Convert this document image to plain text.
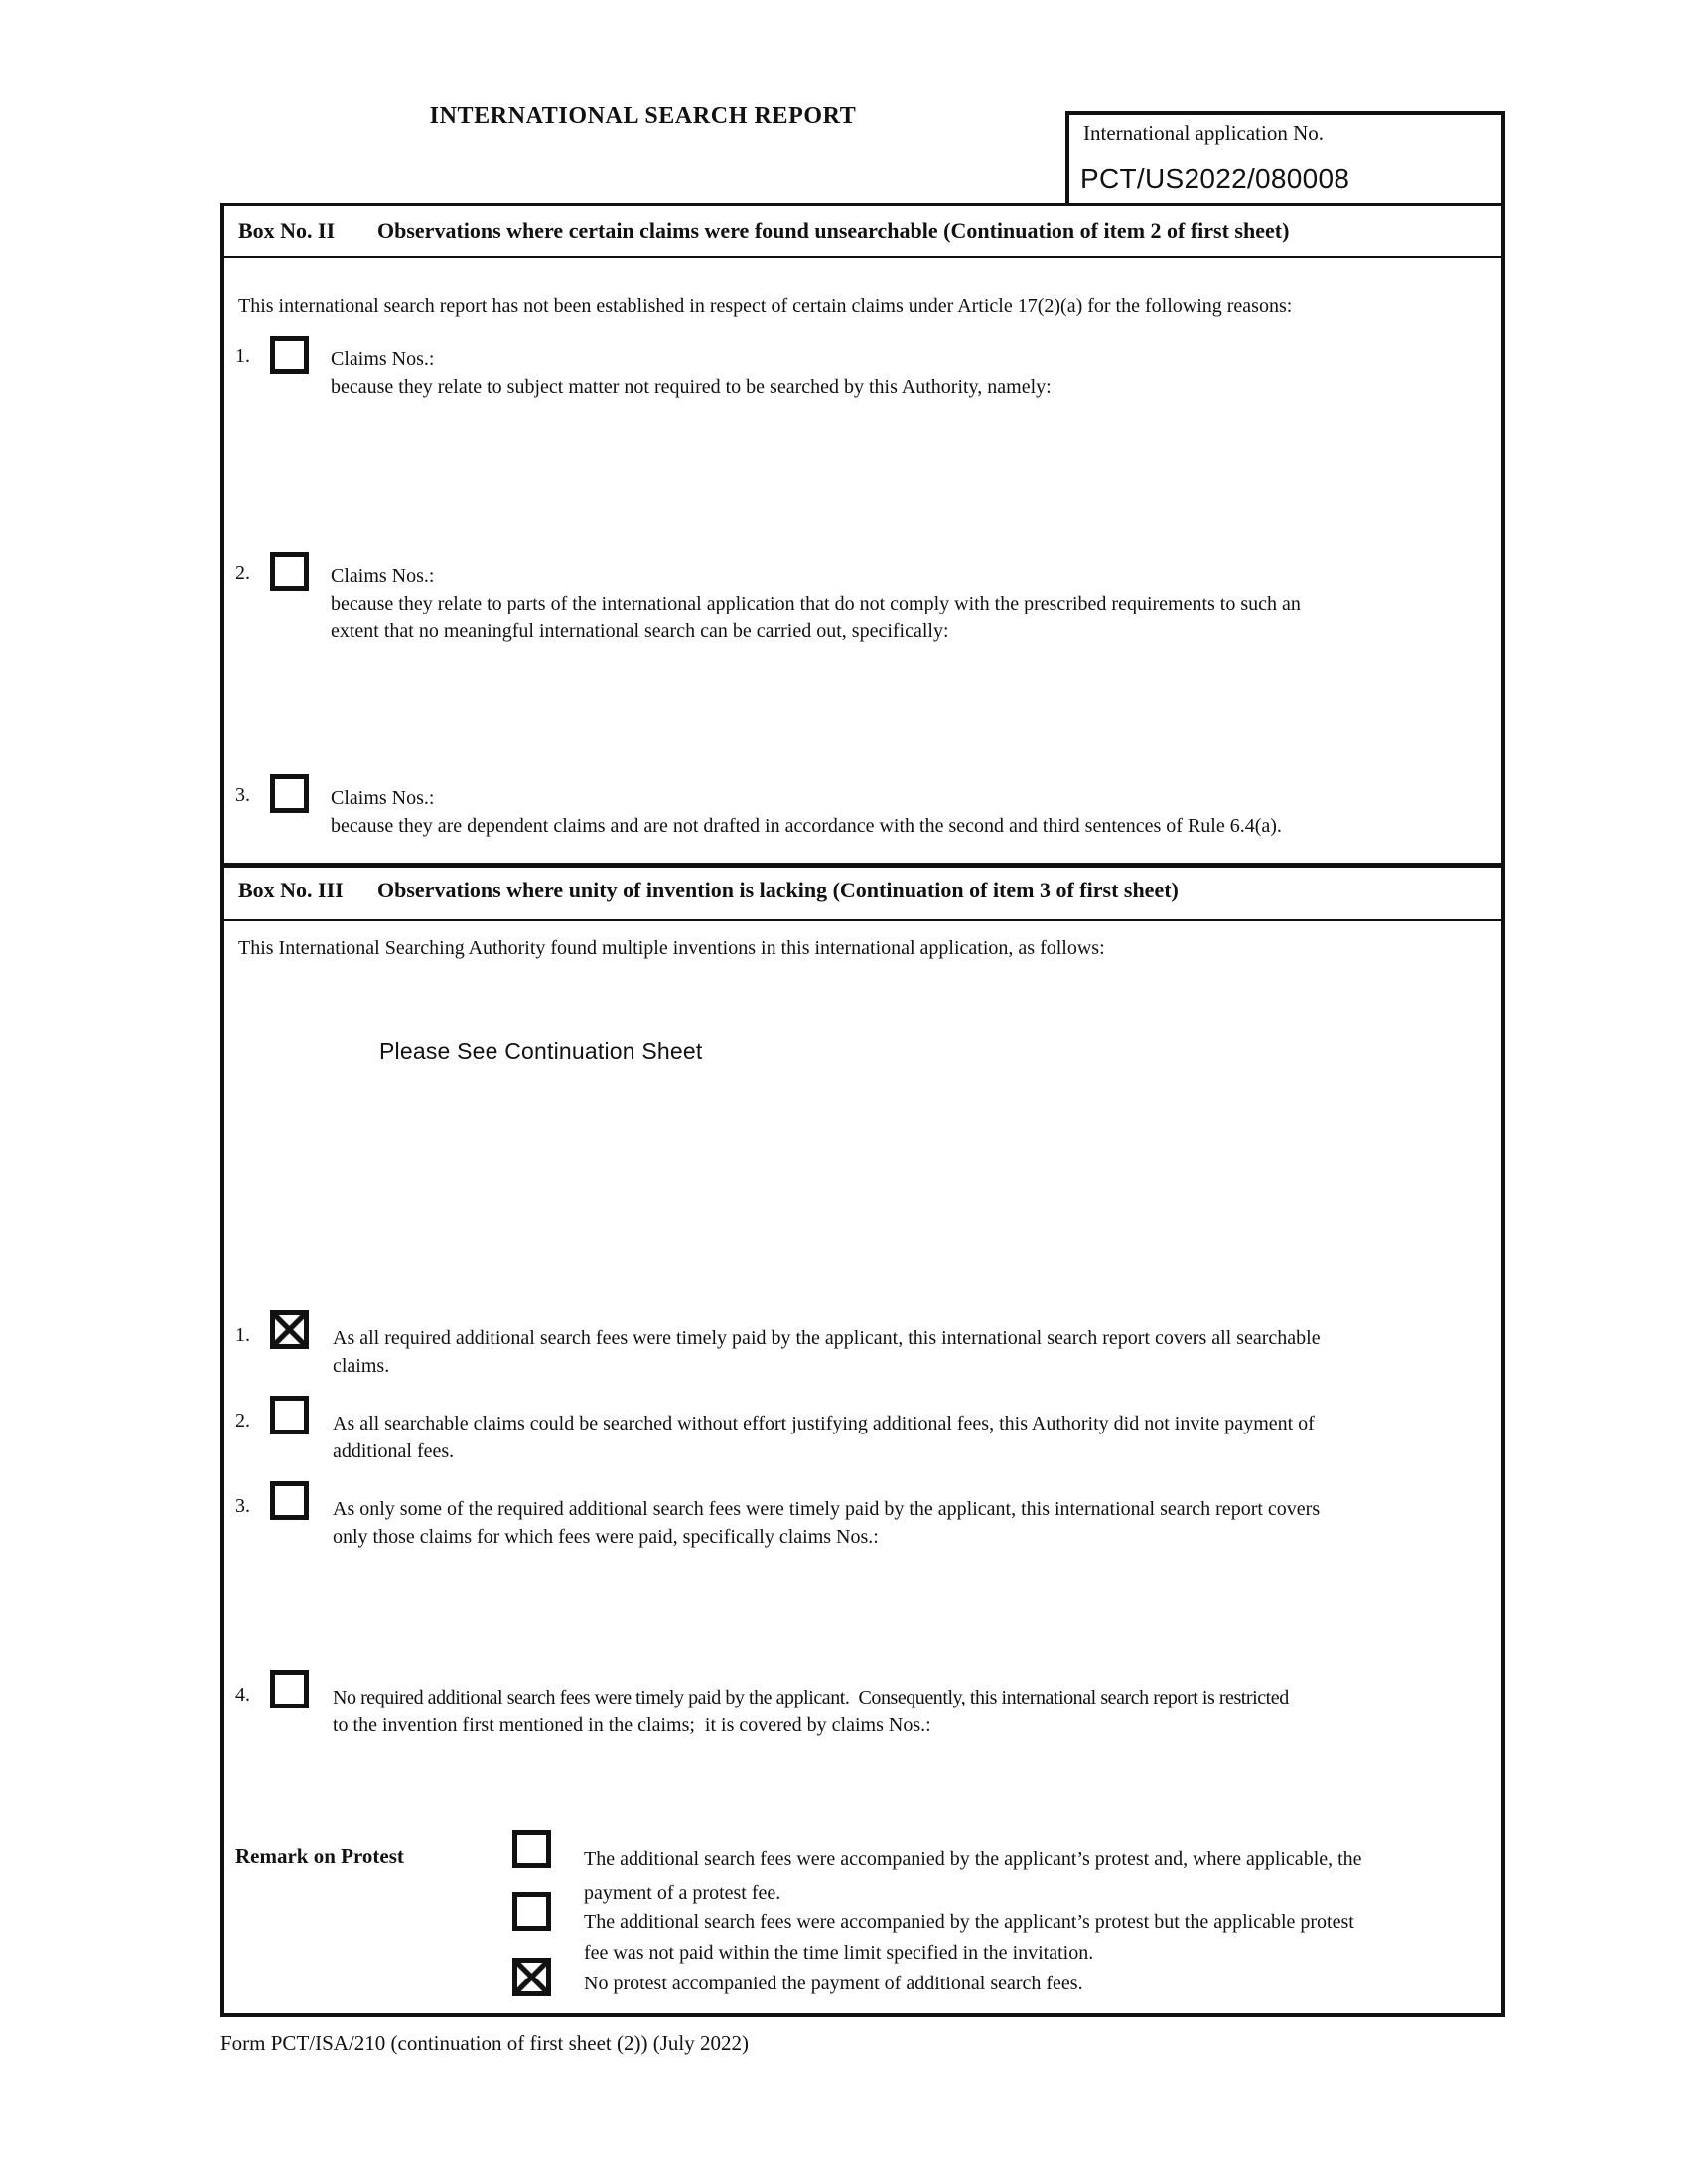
INTERNATIONAL SEARCH REPORT
International application No.
PCT/US2022/080008
Box No. II Observations where certain claims were found unsearchable (Continuation of item 2 of first sheet)
This international search report has not been established in respect of certain claims under Article 17(2)(a) for the following reasons:
1.	Claims Nos.:
because they relate to subject matter not required to be searched by this Authority, namely:
2.	Claims Nos.:
because they relate to parts of the international application that do not comply with the prescribed requirements to such an
extent that no meaningful international search can be carried out, specifically:
3.	Claims Nos.:
because they are dependent claims and are not drafted in accordance with the second and third sentences of Rule 6.4(a).
Box No. III Observations where unity of invention is lacking (Continuation of item 3 of first sheet)
This International Searching Authority found multiple inventions in this international application, as follows:
Please See Continuation Sheet
1.	As all required additional search fees were timely paid by the applicant, this international search report covers all searchable
claims.
2.	As all searchable claims could be searched without effort justifying additional fees, this Authority did not invite payment of
additional fees.
3.	As only some of the required additional search fees were timely paid by the applicant, this international search report covers
only those claims for which fees were paid, specifically claims Nos.:
4.	No required additional search fees were timely paid by the applicant.  Consequently, this international search report is restricted
to the invention first mentioned in the claims;  it is covered by claims Nos.:
Remark on Protest	The additional search fees were accompanied by the applicant’s protest and, where applicable, the
payment of a protest fee.
The additional search fees were accompanied by the applicant’s protest but the applicable protest
fee was not paid within the time limit specified in the invitation.
No protest accompanied the payment of additional search fees.
Form PCT/ISA/210 (continuation of first sheet (2)) (July 2022)
